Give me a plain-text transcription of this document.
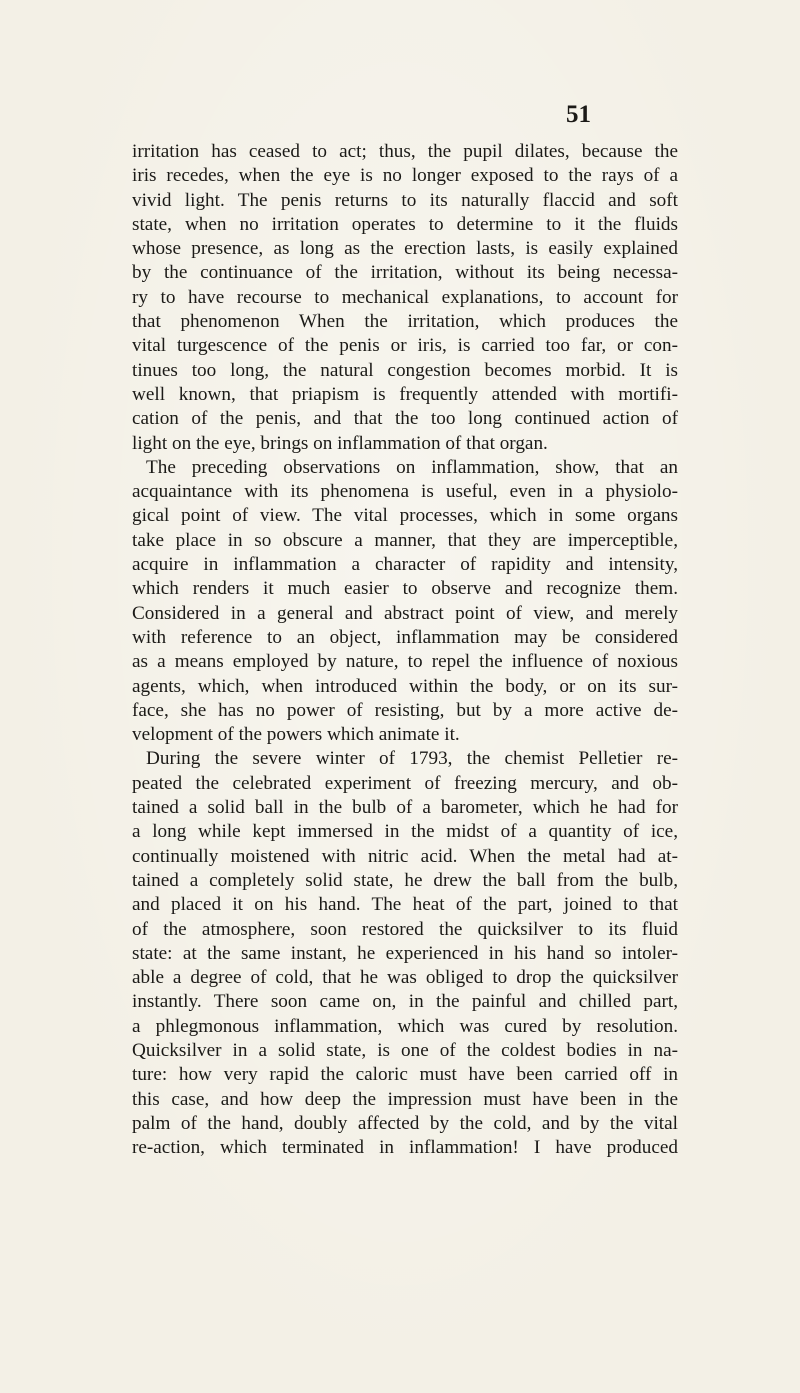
51
irritation has ceased to act; thus, the pupil dilates, because the
iris recedes, when the eye is no longer exposed to the rays of a
vivid light. The penis returns to its naturally flaccid and soft
state, when no irritation operates to determine to it the fluids
whose presence, as long as the erection lasts, is easily explained
by the continuance of the irritation, without its being necessa-
ry to have recourse to mechanical explanations, to account for
that phenomenon When the irritation, which produces the
vital turgescence of the penis or iris, is carried too far, or con-
tinues too long, the natural congestion becomes morbid. It is
well known, that priapism is frequently attended with mortifi-
cation of the penis, and that the too long continued action of
light on the eye, brings on inflammation of that organ.
The preceding observations on inflammation, show, that an
acquaintance with its phenomena is useful, even in a physiolo-
gical point of view. The vital processes, which in some organs
take place in so obscure a manner, that they are imperceptible,
acquire in inflammation a character of rapidity and intensity,
which renders it much easier to observe and recognize them.
Considered in a general and abstract point of view, and merely
with reference to an object, inflammation may be considered
as a means employed by nature, to repel the influence of noxious
agents, which, when introduced within the body, or on its sur-
face, she has no power of resisting, but by a more active de-
velopment of the powers which animate it.
During the severe winter of 1793, the chemist Pelletier re-
peated the celebrated experiment of freezing mercury, and ob-
tained a solid ball in the bulb of a barometer, which he had for
a long while kept immersed in the midst of a quantity of ice,
continually moistened with nitric acid. When the metal had at-
tained a completely solid state, he drew the ball from the bulb,
and placed it on his hand. The heat of the part, joined to that
of the atmosphere, soon restored the quicksilver to its fluid
state: at the same instant, he experienced in his hand so intoler-
able a degree of cold, that he was obliged to drop the quicksilver
instantly. There soon came on, in the painful and chilled part,
a phlegmonous inflammation, which was cured by resolution.
Quicksilver in a solid state, is one of the coldest bodies in na-
ture: how very rapid the caloric must have been carried off in
this case, and how deep the impression must have been in the
palm of the hand, doubly affected by the cold, and by the vital
re-action, which terminated in inflammation! I have produced
